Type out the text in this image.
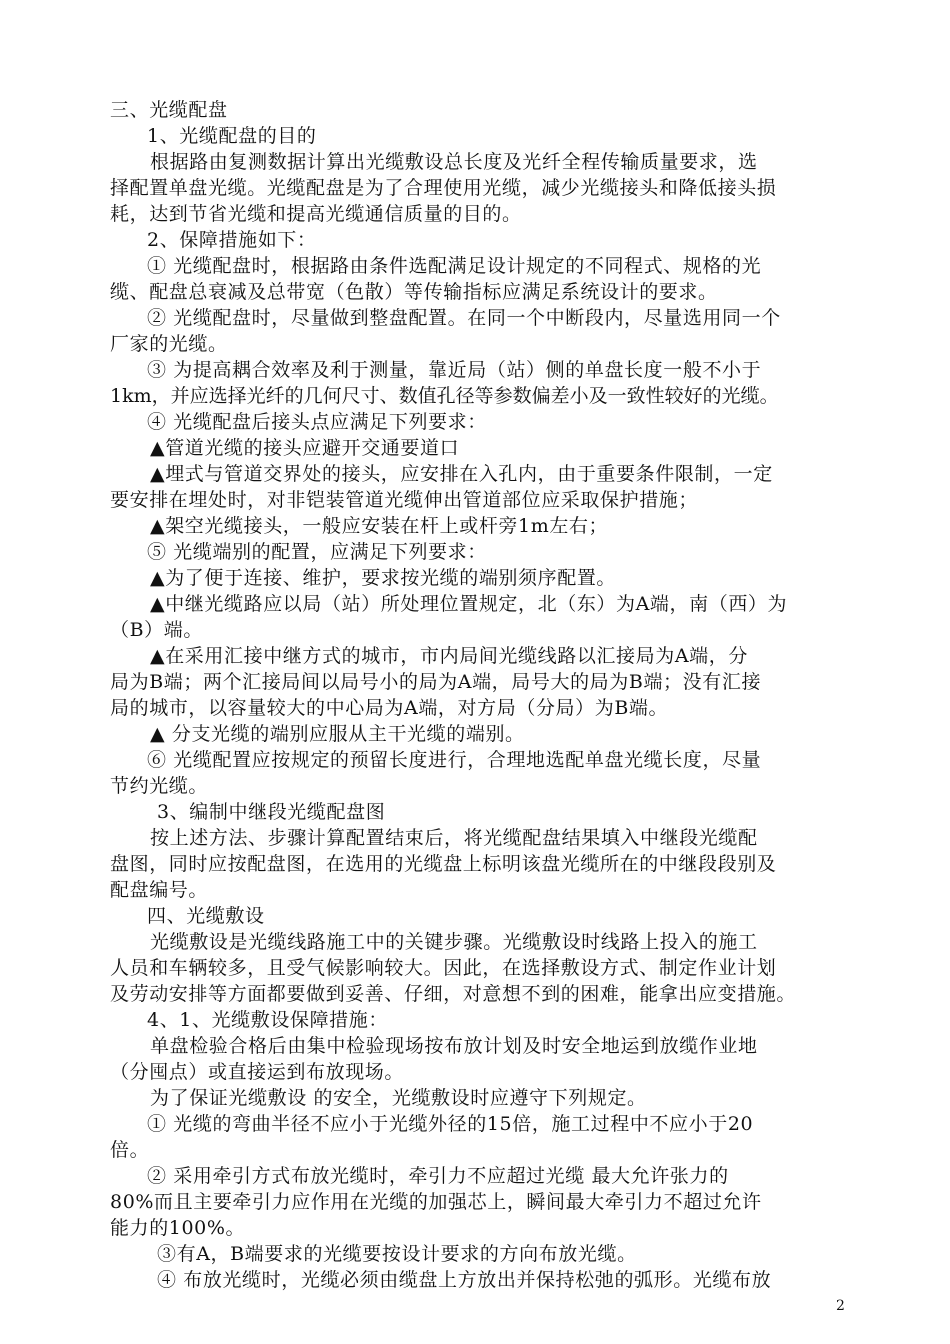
三、光缆配盘
1、光缆配盘的目的
根据路由复测数据计算出光缆敷设总长度及光纤全程传输质量要求，选
择配置单盘光缆。光缆配盘是为了合理使用光缆，减少光缆接头和降低接头损
耗，达到节省光缆和提高光缆通信质量的目的。
2、保障措施如下：
① 光缆配盘时，根据路由条件选配满足设计规定的不同程式、规格的光
缆、配盘总衰减及总带宽（色散）等传输指标应满足系统设计的要求。
② 光缆配盘时，尽量做到整盘配置。在同一个中断段内，尽量选用同一个
厂家的光缆。
③ 为提高耦合效率及利于测量，靠近局（站）侧的单盘长度一般不小于
1km，并应选择光纤的几何尺寸、数值孔径等参数偏差小及一致性较好的光缆。
④ 光缆配盘后接头点应满足下列要求：
▲管道光缆的接头应避开交通要道口
▲埋式与管道交界处的接头，应安排在入孔内，由于重要条件限制，一定
要安排在埋处时，对非铠装管道光缆伸出管道部位应采取保护措施；
▲架空光缆接头，一般应安装在杆上或杆旁1m左右；
⑤ 光缆端别的配置，应满足下列要求：
▲为了便于连接、维护，要求按光缆的端别须序配置。
▲中继光缆路应以局（站）所处理位置规定，北（东）为A端，南（西）为
（B）端。
▲在采用汇接中继方式的城市，市内局间光缆线路以汇接局为A端，分
局为B端；两个汇接局间以局号小的局为A端，局号大的局为B端；没有汇接
局的城市，以容量较大的中心局为A端，对方局（分局）为B端。
▲ 分支光缆的端别应服从主干光缆的端别。
⑥ 光缆配置应按规定的预留长度进行，合理地选配单盘光缆长度，尽量
节约光缆。
3、编制中继段光缆配盘图
按上述方法、步骤计算配置结束后，将光缆配盘结果填入中继段光缆配
盘图，同时应按配盘图，在选用的光缆盘上标明该盘光缆所在的中继段段别及
配盘编号。
四、光缆敷设
光缆敷设是光缆线路施工中的关键步骤。光缆敷设时线路上投入的施工
人员和车辆较多，且受气候影响较大。因此，在选择敷设方式、制定作业计划
及劳动安排等方面都要做到妥善、仔细，对意想不到的困难，能拿出应变措施。
4、1、光缆敷设保障措施：
单盘检验合格后由集中检验现场按布放计划及时安全地运到放缆作业地
（分囤点）或直接运到布放现场。
为了保证光缆敷设 的安全，光缆敷设时应遵守下列规定。
① 光缆的弯曲半径不应小于光缆外径的15倍，施工过程中不应小于20
倍。
② 采用牵引方式布放光缆时，牵引力不应超过光缆 最大允许张力的
80%而且主要牵引力应作用在光缆的加强芯上，瞬间最大牵引力不超过允许
能力的100%。
③有A，B端要求的光缆要按设计要求的方向布放光缆。
④ 布放光缆时，光缆必须由缆盘上方放出并保持松弛的弧形。光缆布放
2
